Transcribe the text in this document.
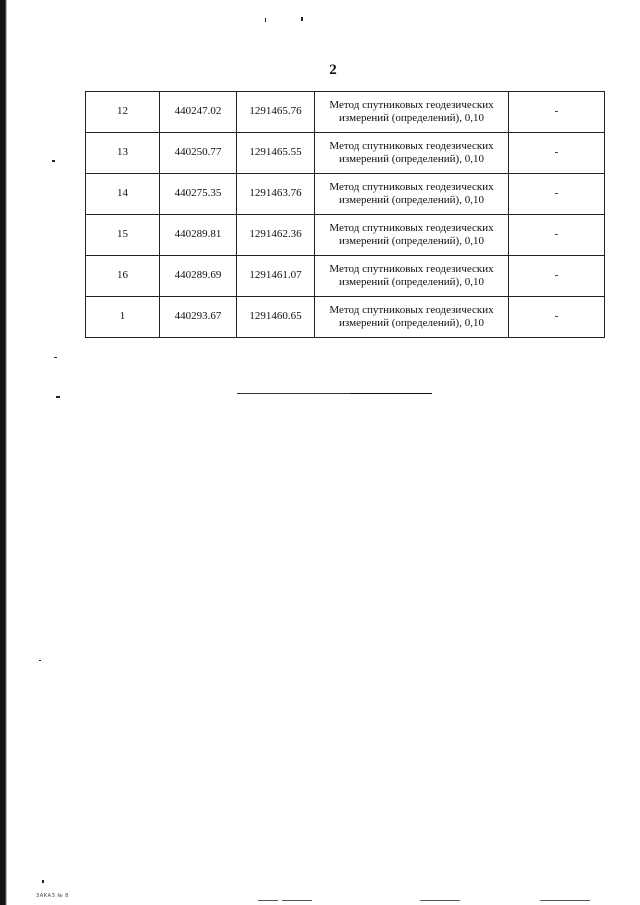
2
12	440247.02	1291465.76	Метод спутниковых геодезических измерений (определений), 0,10	-
13	440250.77	1291465.55	Метод спутниковых геодезических измерений (определений), 0,10	-
14	440275.35	1291463.76	Метод спутниковых геодезических измерений (определений), 0,10	-
15	440289.81	1291462.36	Метод спутниковых геодезических измерений (определений), 0,10	-
16	440289.69	1291461.07	Метод спутниковых геодезических измерений (определений), 0,10	-
1	440293.67	1291460.65	Метод спутниковых геодезических измерений (определений), 0,10	-
ЗАКАЗ № 8
